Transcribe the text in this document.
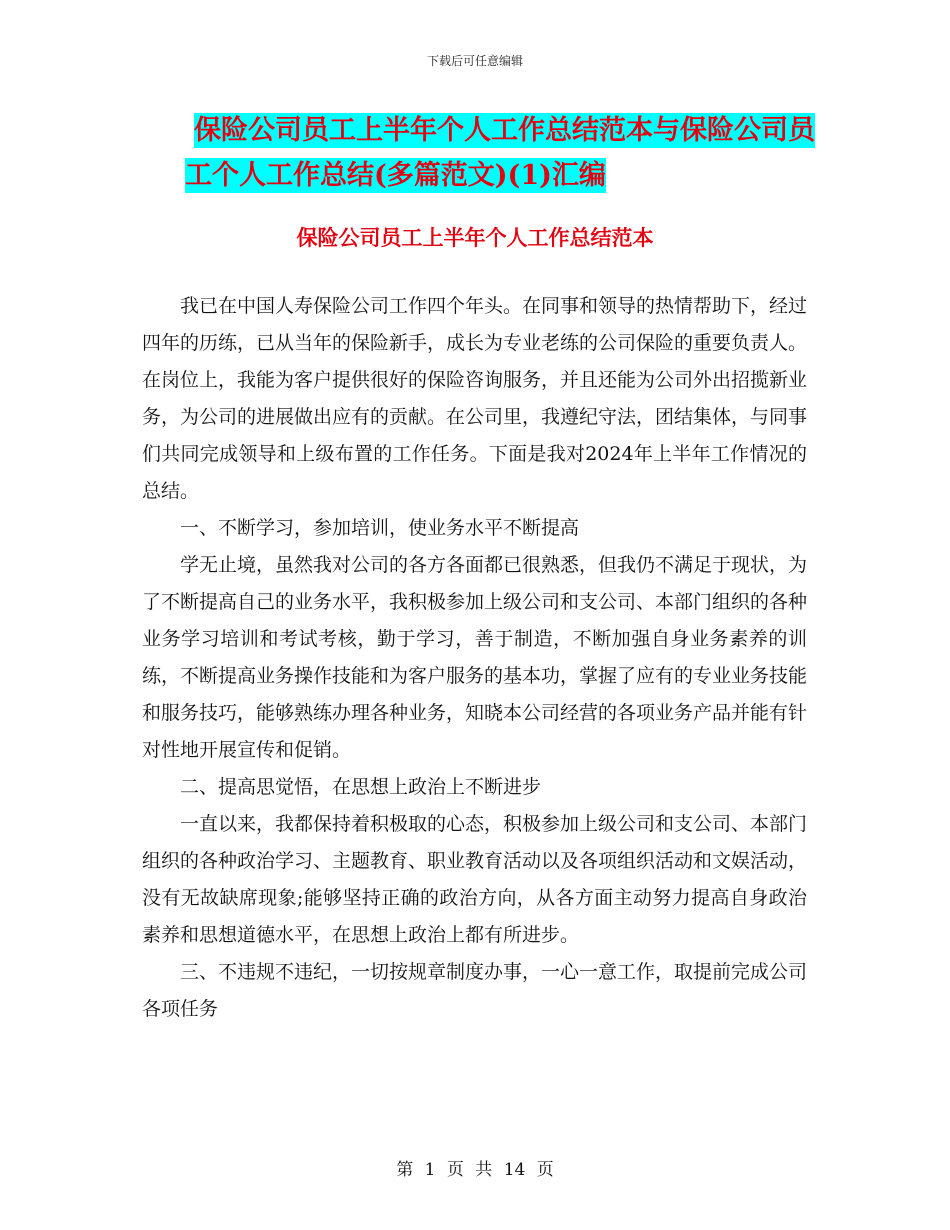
下载后可任意编辑
保险公司员工上半年个人工作总结范本与保险公司员
工个人工作总结(多篇范文)(1)汇编
保险公司员工上半年个人工作总结范本

我已在中国人寿保险公司工作四个年头。在同事和领导的热情帮助下，经过四年的历练，已从当年的保险新手，成长为专业老练的公司保险的重要负责人。在岗位上，我能为客户提供很好的保险咨询服务，并且还能为公司外出招揽新业务，为公司的进展做出应有的贡献。在公司里，我遵纪守法，团结集体，与同事们共同完成领导和上级布置的工作任务。下面是我对2024年上半年工作情况的总结。

一、不断学习，参加培训，使业务水平不断提高

学无止境，虽然我对公司的各方各面都已很熟悉，但我仍不满足于现状，为了不断提高自己的业务水平，我积极参加上级公司和支公司、本部门组织的各种业务学习培训和考试考核，勤于学习，善于制造，不断加强自身业务素养的训练，不断提高业务操作技能和为客户服务的基本功，掌握了应有的专业业务技能和服务技巧，能够熟练办理各种业务，知晓本公司经营的各项业务产品并能有针对性地开展宣传和促销。

二、提高思觉悟，在思想上政治上不断进步

一直以来，我都保持着积极取的心态，积极参加上级公司和支公司、本部门组织的各种政治学习、主题教育、职业教育活动以及各项组织活动和文娱活动，没有无故缺席现象;能够坚持正确的政治方向，从各方面主动努力提高自身政治素养和思想道德水平，在思想上政治上都有所进步。

三、不违规不违纪，一切按规章制度办事，一心一意工作，取提前完成公司各项任务

第 1 页 共 14 页
